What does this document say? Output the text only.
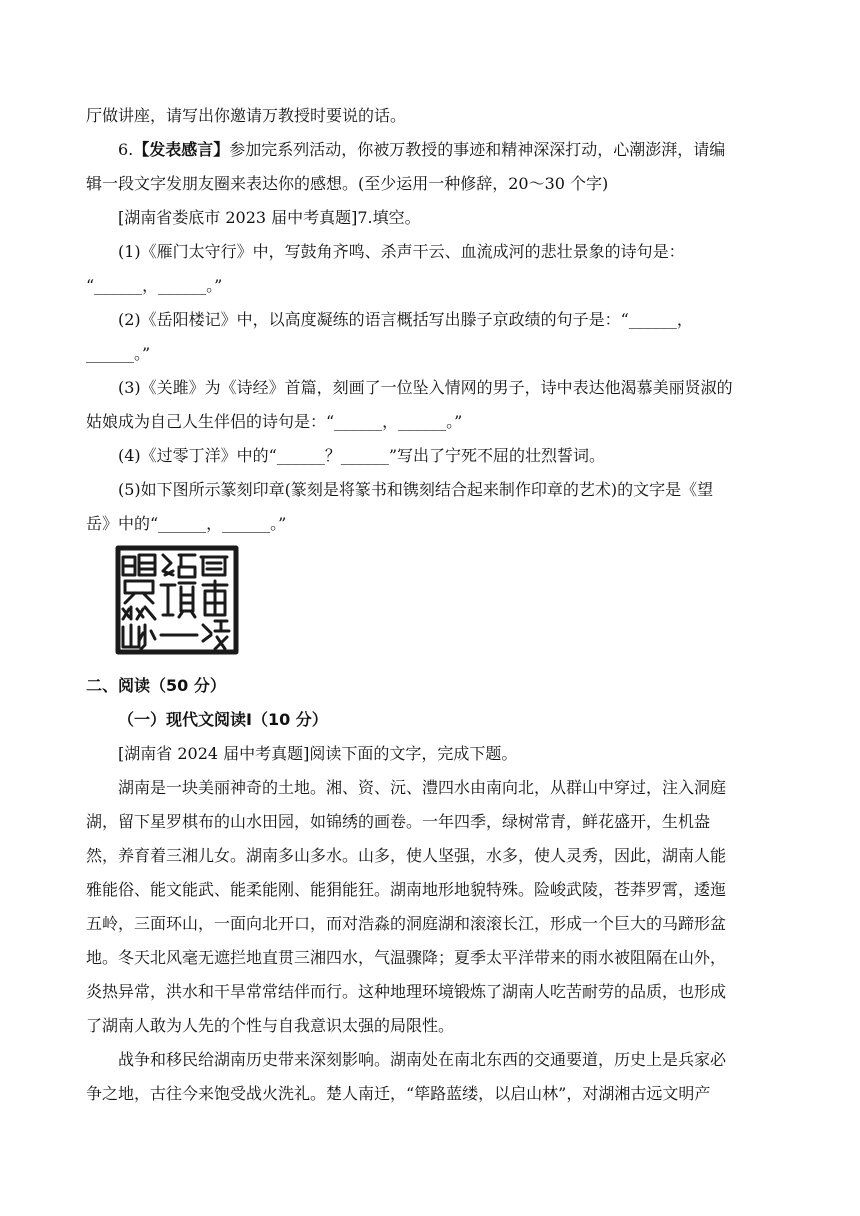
厅做讲座，请写出你邀请万教授时要说的话。
6.【发表感言】参加完系列活动，你被万教授的事迹和精神深深打动，心潮澎湃，请编
辑一段文字发朋友圈来表达你的感想。(至少运用一种修辞，20～30 个字)
[湖南省娄底市 2023 届中考真题]7.填空。
(1)《雁门太守行》中，写鼓角齐鸣、杀声干云、血流成河的悲壮景象的诗句是：
“______，______。”
(2)《岳阳楼记》中，以高度凝练的语言概括写出滕子京政绩的句子是：“______，
______。”
(3)《关雎》为《诗经》首篇，刻画了一位坠入情网的男子，诗中表达他渴慕美丽贤淑的
姑娘成为自己人生伴侣的诗句是：“______，______。”
(4)《过零丁洋》中的“______？______”写出了宁死不屈的壮烈誓词。
(5)如下图所示篆刻印章(篆刻是将篆书和镌刻结合起来制作印章的艺术)的文字是《望
岳》中的“______，______。”
二、阅读（50 分）
（一）现代文阅读Ⅰ（10 分）
[湖南省 2024 届中考真题]阅读下面的文字，完成下题。
湖南是一块美丽神奇的土地。湘、资、沅、澧四水由南向北，从群山中穿过，注入洞庭
湖，留下星罗棋布的山水田园，如锦绣的画卷。一年四季，绿树常青，鲜花盛开，生机盎
然，养育着三湘儿女。湖南多山多水。山多，使人坚强，水多，使人灵秀，因此，湖南人能
雅能俗、能文能武、能柔能刚、能狷能狂。湖南地形地貌特殊。险峻武陵，苍莽罗霄，逶迤
五岭，三面环山，一面向北开口，而对浩淼的洞庭湖和滚滚长江，形成一个巨大的马蹄形盆
地。冬天北风毫无遮拦地直贯三湘四水，气温骤降；夏季太平洋带来的雨水被阻隔在山外，
炎热异常，洪水和干旱常常结伴而行。这种地理环境锻炼了湖南人吃苦耐劳的品质，也形成
了湖南人敢为人先的个性与自我意识太强的局限性。
战争和移民给湖南历史带来深刻影响。湖南处在南北东西的交通要道，历史上是兵家必
争之地，古往今来饱受战火洗礼。楚人南迁，“筚路蓝缕，以启山林”，对湖湘古远文明产
